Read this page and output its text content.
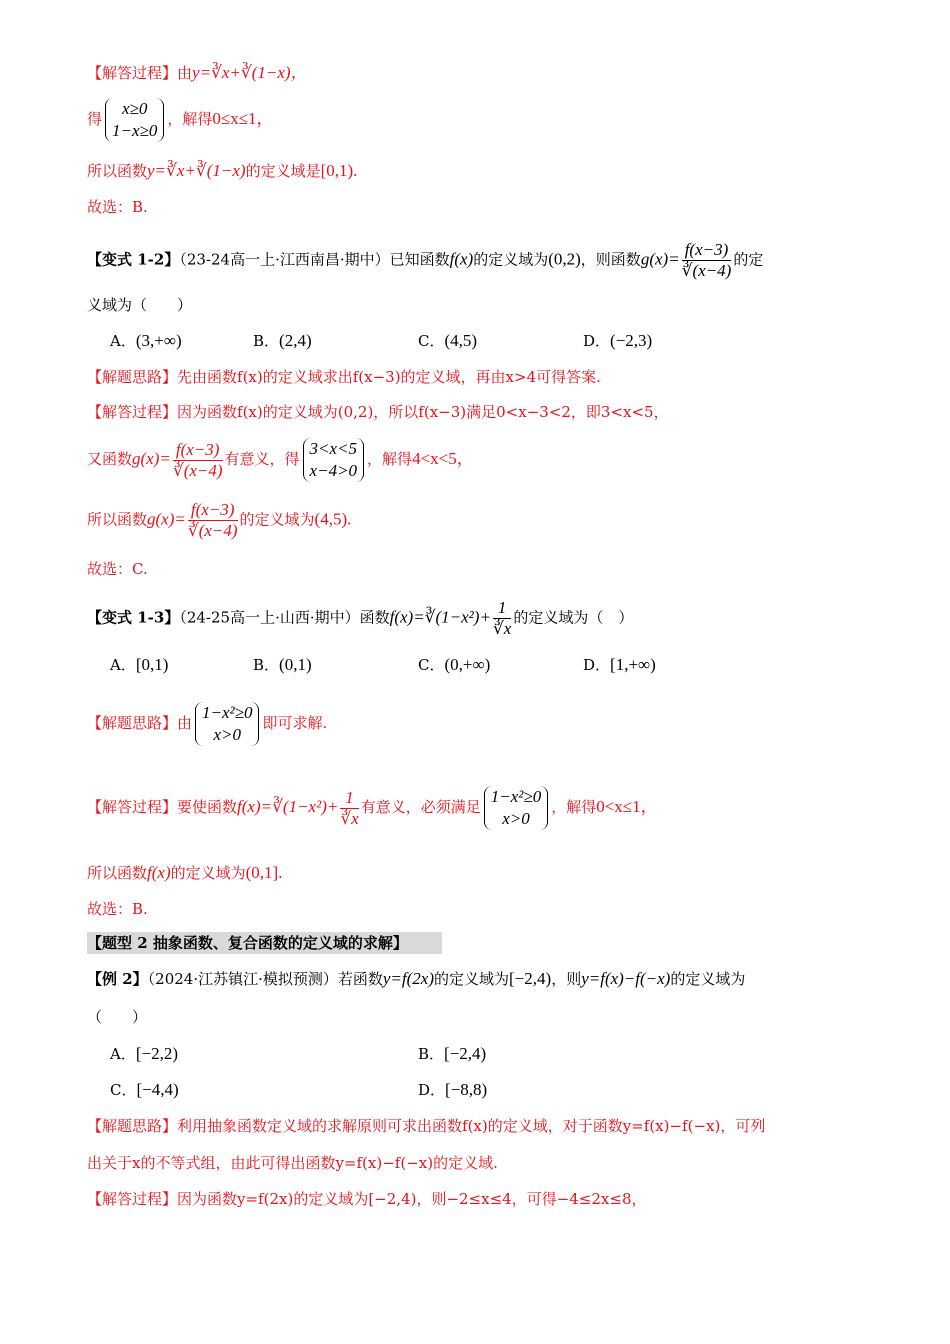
【解答过程】由y=∛x+∛(1−x)，
得
x≥0
1−x≥0
，解得0≤x≤1，
所以函数y=∛x+∛(1−x)的定义域是[0,1).
故选：B.
【变式 1-2】（23-24高一上·江西南昌·期中）已知函数f(x)的定义域为(0,2)，则函数$g(x)= \frac{f(x-3)}{∛(x-4)}$ 的定
义域为（　　）
A．(3,+∞)	B．(2,4)	C．(4,5)	D．(−2,3)
【解题思路】先由函数f(x)的定义域求出f(x−3)的定义域，再由x>4可得答案.
【解答过程】因为函数f(x)的定义域为(0,2)，所以f(x−3)满足0<x−3<2，即3<x<5，
又函数$g(x)= \frac{f(x-3)}{∛(x-4)}$ 有意义，得
3<x<5
x−4>0
，解得4<x<5，
所以函数$g(x)= \frac{f(x-3)}{∛(x-4)}$ 的定义域为(4,5).
故选：C.
【变式 1-3】（24-25高一上·山西·期中）函数f(x)=∛(1−x²)+ $\frac{1}{∛x}$ 的定义域为（　）
A．[0,1)	B．(0,1)	C．(0,+∞)	D．[1,+∞)
【解题思路】由
1−x²≥0
x>0
即可求解.
【解答过程】要使函数f(x)=∛(1−x²)+ $\frac{1}{∛x}$ 有意义，必须满足
1−x²≥0
x>0
，解得0<x≤1，
所以函数f(x)的定义域为(0,1].
故选：B.
【题型 2 抽象函数、复合函数的定义域的求解】
【例 2】（2024·江苏镇江·模拟预测）若函数y=f(2x)的定义域为[−2,4)，则y=f(x)−f(−x)的定义域为
（　　）
A．[−2,2)	B．[−2,4)
C．[−4,4)	D．[−8,8)
【解题思路】利用抽象函数定义域的求解原则可求出函数f(x)的定义域，对于函数y=f(x)−f(−x)，可列
出关于x的不等式组，由此可得出函数y=f(x)−f(−x)的定义域.
【解答过程】因为函数y=f(2x)的定义域为[−2,4)，则−2≤x≤4，可得−4≤2x≤8，
